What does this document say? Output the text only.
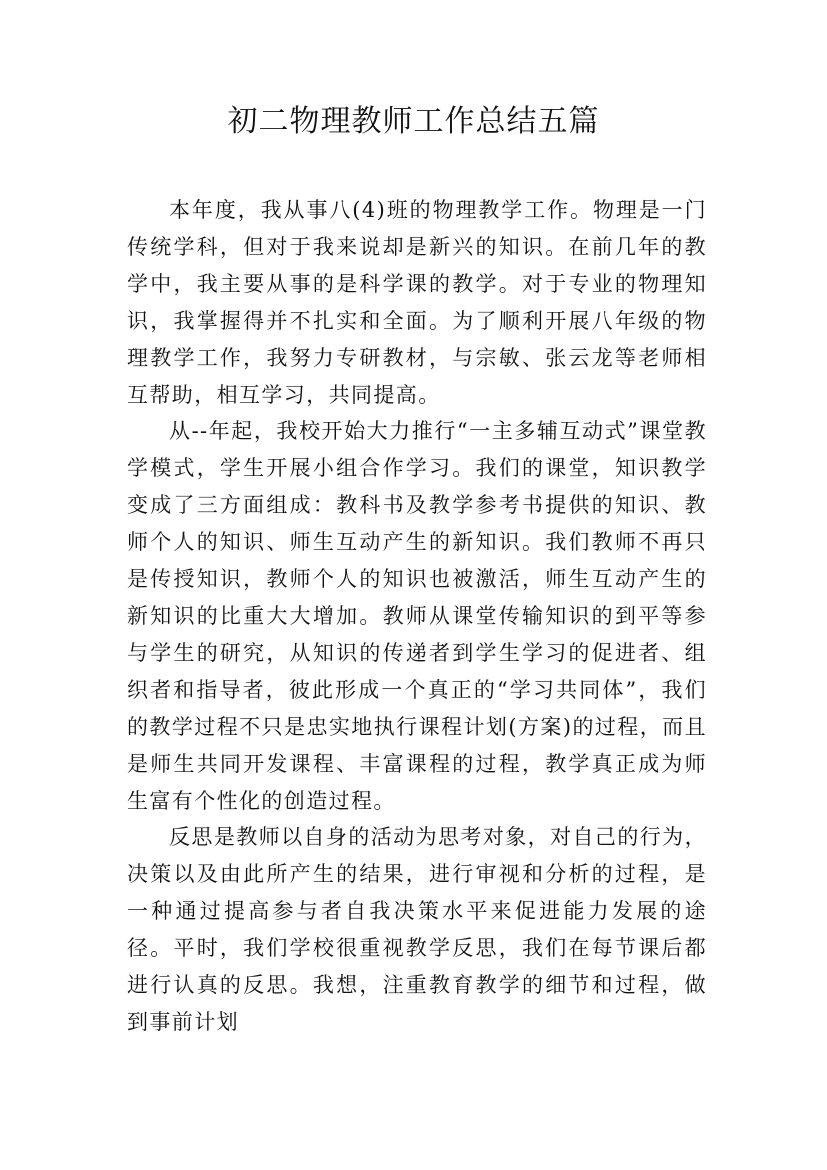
初二物理教师工作总结五篇

本年度，我从事八(4)班的物理教学工作。物理是一门传统学科，但对于我来说却是新兴的知识。在前几年的教学中，我主要从事的是科学课的教学。对于专业的物理知识，我掌握得并不扎实和全面。为了顺利开展八年级的物理教学工作，我努力专研教材，与宗敏、张云龙等老师相互帮助，相互学习，共同提高。

从--年起，我校开始大力推行“一主多辅互动式”课堂教学模式，学生开展小组合作学习。我们的课堂，知识教学变成了三方面组成：教科书及教学参考书提供的知识、教师个人的知识、师生互动产生的新知识。我们教师不再只是传授知识，教师个人的知识也被激活，师生互动产生的新知识的比重大大增加。教师从课堂传输知识的到平等参与学生的研究，从知识的传递者到学生学习的促进者、组织者和指导者，彼此形成一个真正的“学习共同体”，我们的教学过程不只是忠实地执行课程计划(方案)的过程，而且是师生共同开发课程、丰富课程的过程，教学真正成为师生富有个性化的创造过程。

反思是教师以自身的活动为思考对象，对自己的行为，决策以及由此所产生的结果，进行审视和分析的过程，是一种通过提高参与者自我决策水平来促进能力发展的途径。平时，我们学校很重视教学反思，我们在每节课后都进行认真的反思。我想，注重教育教学的细节和过程，做到事前计划
